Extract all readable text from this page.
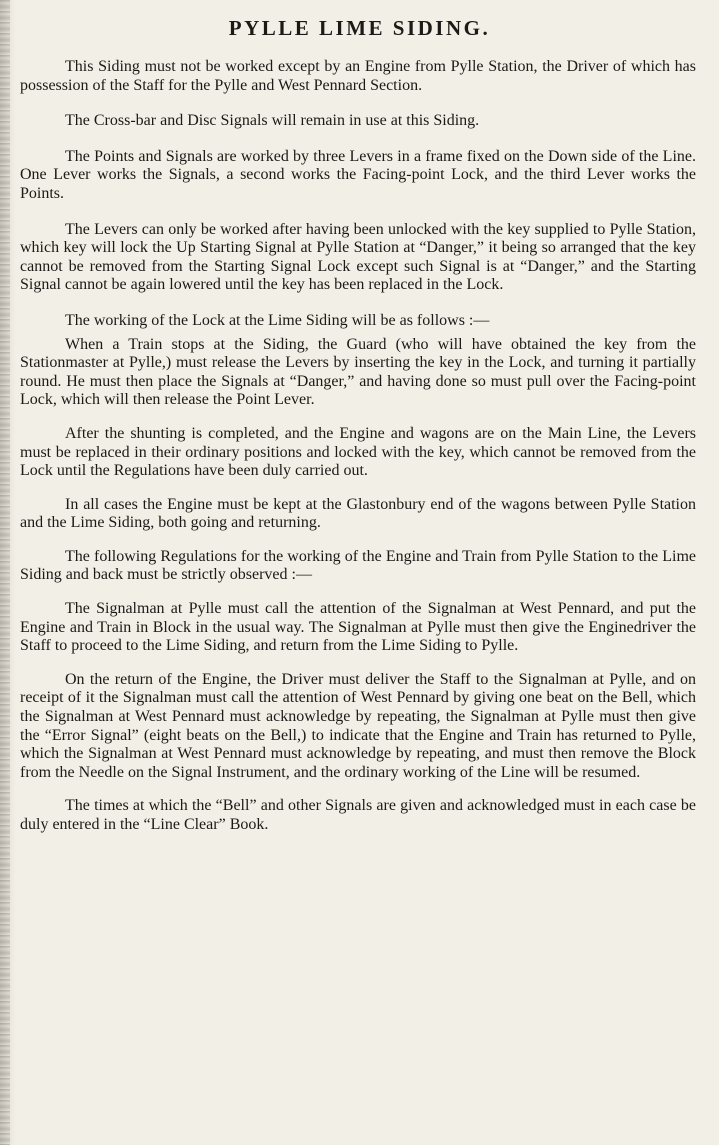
PYLLE LIME SIDING.

This Siding must not be worked except by an Engine from Pylle Station, the Driver of which has possession of the Staff for the Pylle and West Pennard Section.

The Cross-bar and Disc Signals will remain in use at this Siding.

The Points and Signals are worked by three Levers in a frame fixed on the Down side of the Line. One Lever works the Signals, a second works the Facing-point Lock, and the third Lever works the Points.

The Levers can only be worked after having been unlocked with the key supplied to Pylle Station, which key will lock the Up Starting Signal at Pylle Station at “Danger,” it being so arranged that the key cannot be removed from the Starting Signal Lock except such Signal is at “Danger,” and the Starting Signal cannot be again lowered until the key has been replaced in the Lock.

The working of the Lock at the Lime Siding will be as follows :—

When a Train stops at the Siding, the Guard (who will have obtained the key from the Stationmaster at Pylle,) must release the Levers by inserting the key in the Lock, and turning it partially round. He must then place the Signals at “Danger,” and having done so must pull over the Facing-point Lock, which will then release the Point Lever.

After the shunting is completed, and the Engine and wagons are on the Main Line, the Levers must be replaced in their ordinary positions and locked with the key, which cannot be removed from the Lock until the Regulations have been duly carried out.

In all cases the Engine must be kept at the Glastonbury end of the wagons between Pylle Station and the Lime Siding, both going and returning.

The following Regulations for the working of the Engine and Train from Pylle Station to the Lime Siding and back must be strictly observed :—

The Signalman at Pylle must call the attention of the Signalman at West Pennard, and put the Engine and Train in Block in the usual way. The Signalman at Pylle must then give the Enginedriver the Staff to proceed to the Lime Siding, and return from the Lime Siding to Pylle.

On the return of the Engine, the Driver must deliver the Staff to the Signalman at Pylle, and on receipt of it the Signalman must call the attention of West Pennard by giving one beat on the Bell, which the Signalman at West Pennard must acknowledge by repeating, the Signalman at Pylle must then give the “Error Signal” (eight beats on the Bell,) to indicate that the Engine and Train has returned to Pylle, which the Signalman at West Pennard must acknowledge by repeating, and must then remove the Block from the Needle on the Signal Instrument, and the ordinary working of the Line will be resumed.

The times at which the “Bell” and other Signals are given and acknowledged must in each case be duly entered in the “Line Clear” Book.
